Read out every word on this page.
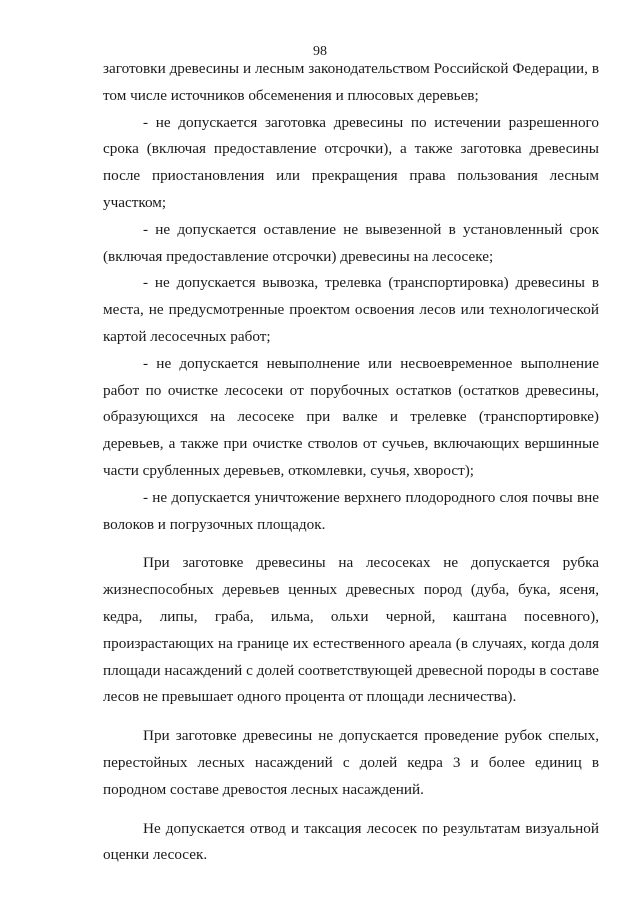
98

заготовки древесины и лесным законодательством Российской Федерации, в том числе источников обсеменения и плюсовых деревьев;

- не допускается заготовка древесины по истечении разрешенного срока (включая предоставление отсрочки), а также заготовка древесины после приостановления или прекращения права пользования лесным участком;

- не допускается оставление не вывезенной в установленный срок (включая предоставление отсрочки) древесины на лесосеке;

- не допускается вывозка, трелевка (транспортировка) древесины в места, не предусмотренные проектом освоения лесов или технологической картой лесосечных работ;

- не допускается невыполнение или несвоевременное выполнение работ по очистке лесосеки от порубочных остатков (остатков древесины, образующихся на лесосеке при валке и трелевке (транспортировке) деревьев, а также при очистке стволов от сучьев, включающих вершинные части срубленных деревьев, откомлевки, сучья, хворост);

- не допускается уничтожение верхнего плодородного слоя почвы вне волоков и погрузочных площадок.

При заготовке древесины на лесосеках не допускается рубка жизнеспособных деревьев ценных древесных пород (дуба, бука, ясеня, кедра, липы, граба, ильма, ольхи черной, каштана посевного), произрастающих на границе их естественного ареала (в случаях, когда доля площади насаждений с долей соответствующей древесной породы в составе лесов не превышает одного процента от площади лесничества).

При заготовке древесины не допускается проведение рубок спелых, перестойных лесных насаждений с долей кедра 3 и более единиц в породном составе древостоя лесных насаждений.

Не допускается отвод и таксация лесосек по результатам визуальной оценки лесосек.
